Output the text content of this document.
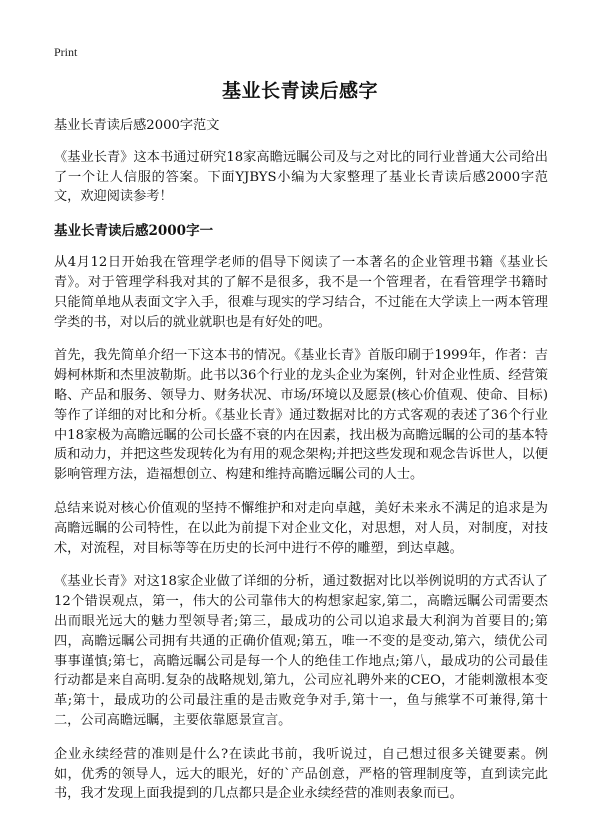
Print
基业长青读后感字

基业长青读后感2000字范文

《基业长青》这本书通过研究18家高瞻远瞩公司及与之对比的同行业普通大公司给出了一个让人信服的答案。下面YJBYS小编为大家整理了基业长青读后感2000字范文，欢迎阅读参考！

基业长青读后感2000字一

从4月12日开始我在管理学老师的倡导下阅读了一本著名的企业管理书籍《基业长青》。对于管理学科我对其的了解不是很多，我不是一个管理者，在看管理学书籍时只能简单地从表面文字入手，很难与现实的学习结合，不过能在大学读上一两本管理学类的书，对以后的就业就职也是有好处的吧。

首先，我先简单介绍一下这本书的情况。《基业长青》首版印刷于1999年，作者：吉姆柯林斯和杰里波勒斯。此书以36个行业的龙头企业为案例，针对企业性质、经营策略、产品和服务、领导力、财务状况、市场/环境以及愿景(核心价值观、使命、目标)等作了详细的对比和分析。《基业长青》通过数据对比的方式客观的表述了36个行业中18家极为高瞻远瞩的公司长盛不衰的内在因素，找出极为高瞻远瞩的公司的基本特质和动力，并把这些发现转化为有用的观念架构;并把这些发现和观念告诉世人，以便影响管理方法，造福想创立、构建和维持高瞻远瞩公司的人士。

总结来说对核心价值观的坚持不懈维护和对走向卓越，美好未来永不满足的追求是为高瞻远瞩的公司特性，在以此为前提下对企业文化，对思想，对人员，对制度，对技术，对流程，对目标等等在历史的长河中进行不停的雕塑，到达卓越。

《基业长青》对这18家企业做了详细的分析，通过数据对比以举例说明的方式否认了12个错误观点，第一，伟大的公司靠伟大的构想家起家,第二，高瞻远瞩公司需要杰出而眼光远大的魅力型领导者;第三，最成功的公司以追求最大利润为首要目的;第四，高瞻远瞩公司拥有共通的正确价值观;第五，唯一不变的是变动,第六，绩优公司事事谨慎;第七，高瞻远瞩公司是每一个人的绝佳工作地点;第八，最成功的公司最佳行动都是来自高明.复杂的战略规划,第九，公司应礼聘外来的CEO，才能刺激根本变革;第十，最成功的公司最注重的是击败竞争对手,第十一，鱼与熊掌不可兼得,第十二，公司高瞻远瞩，主要依靠愿景宣言。

企业永续经营的准则是什么?在读此书前，我听说过，自己想过很多关键要素。例如，优秀的领导人，远大的眼光，好的`产品创意，严格的管理制度等，直到读完此书，我才发现上面我提到的几点都只是企业永续经营的准则表象而已。
